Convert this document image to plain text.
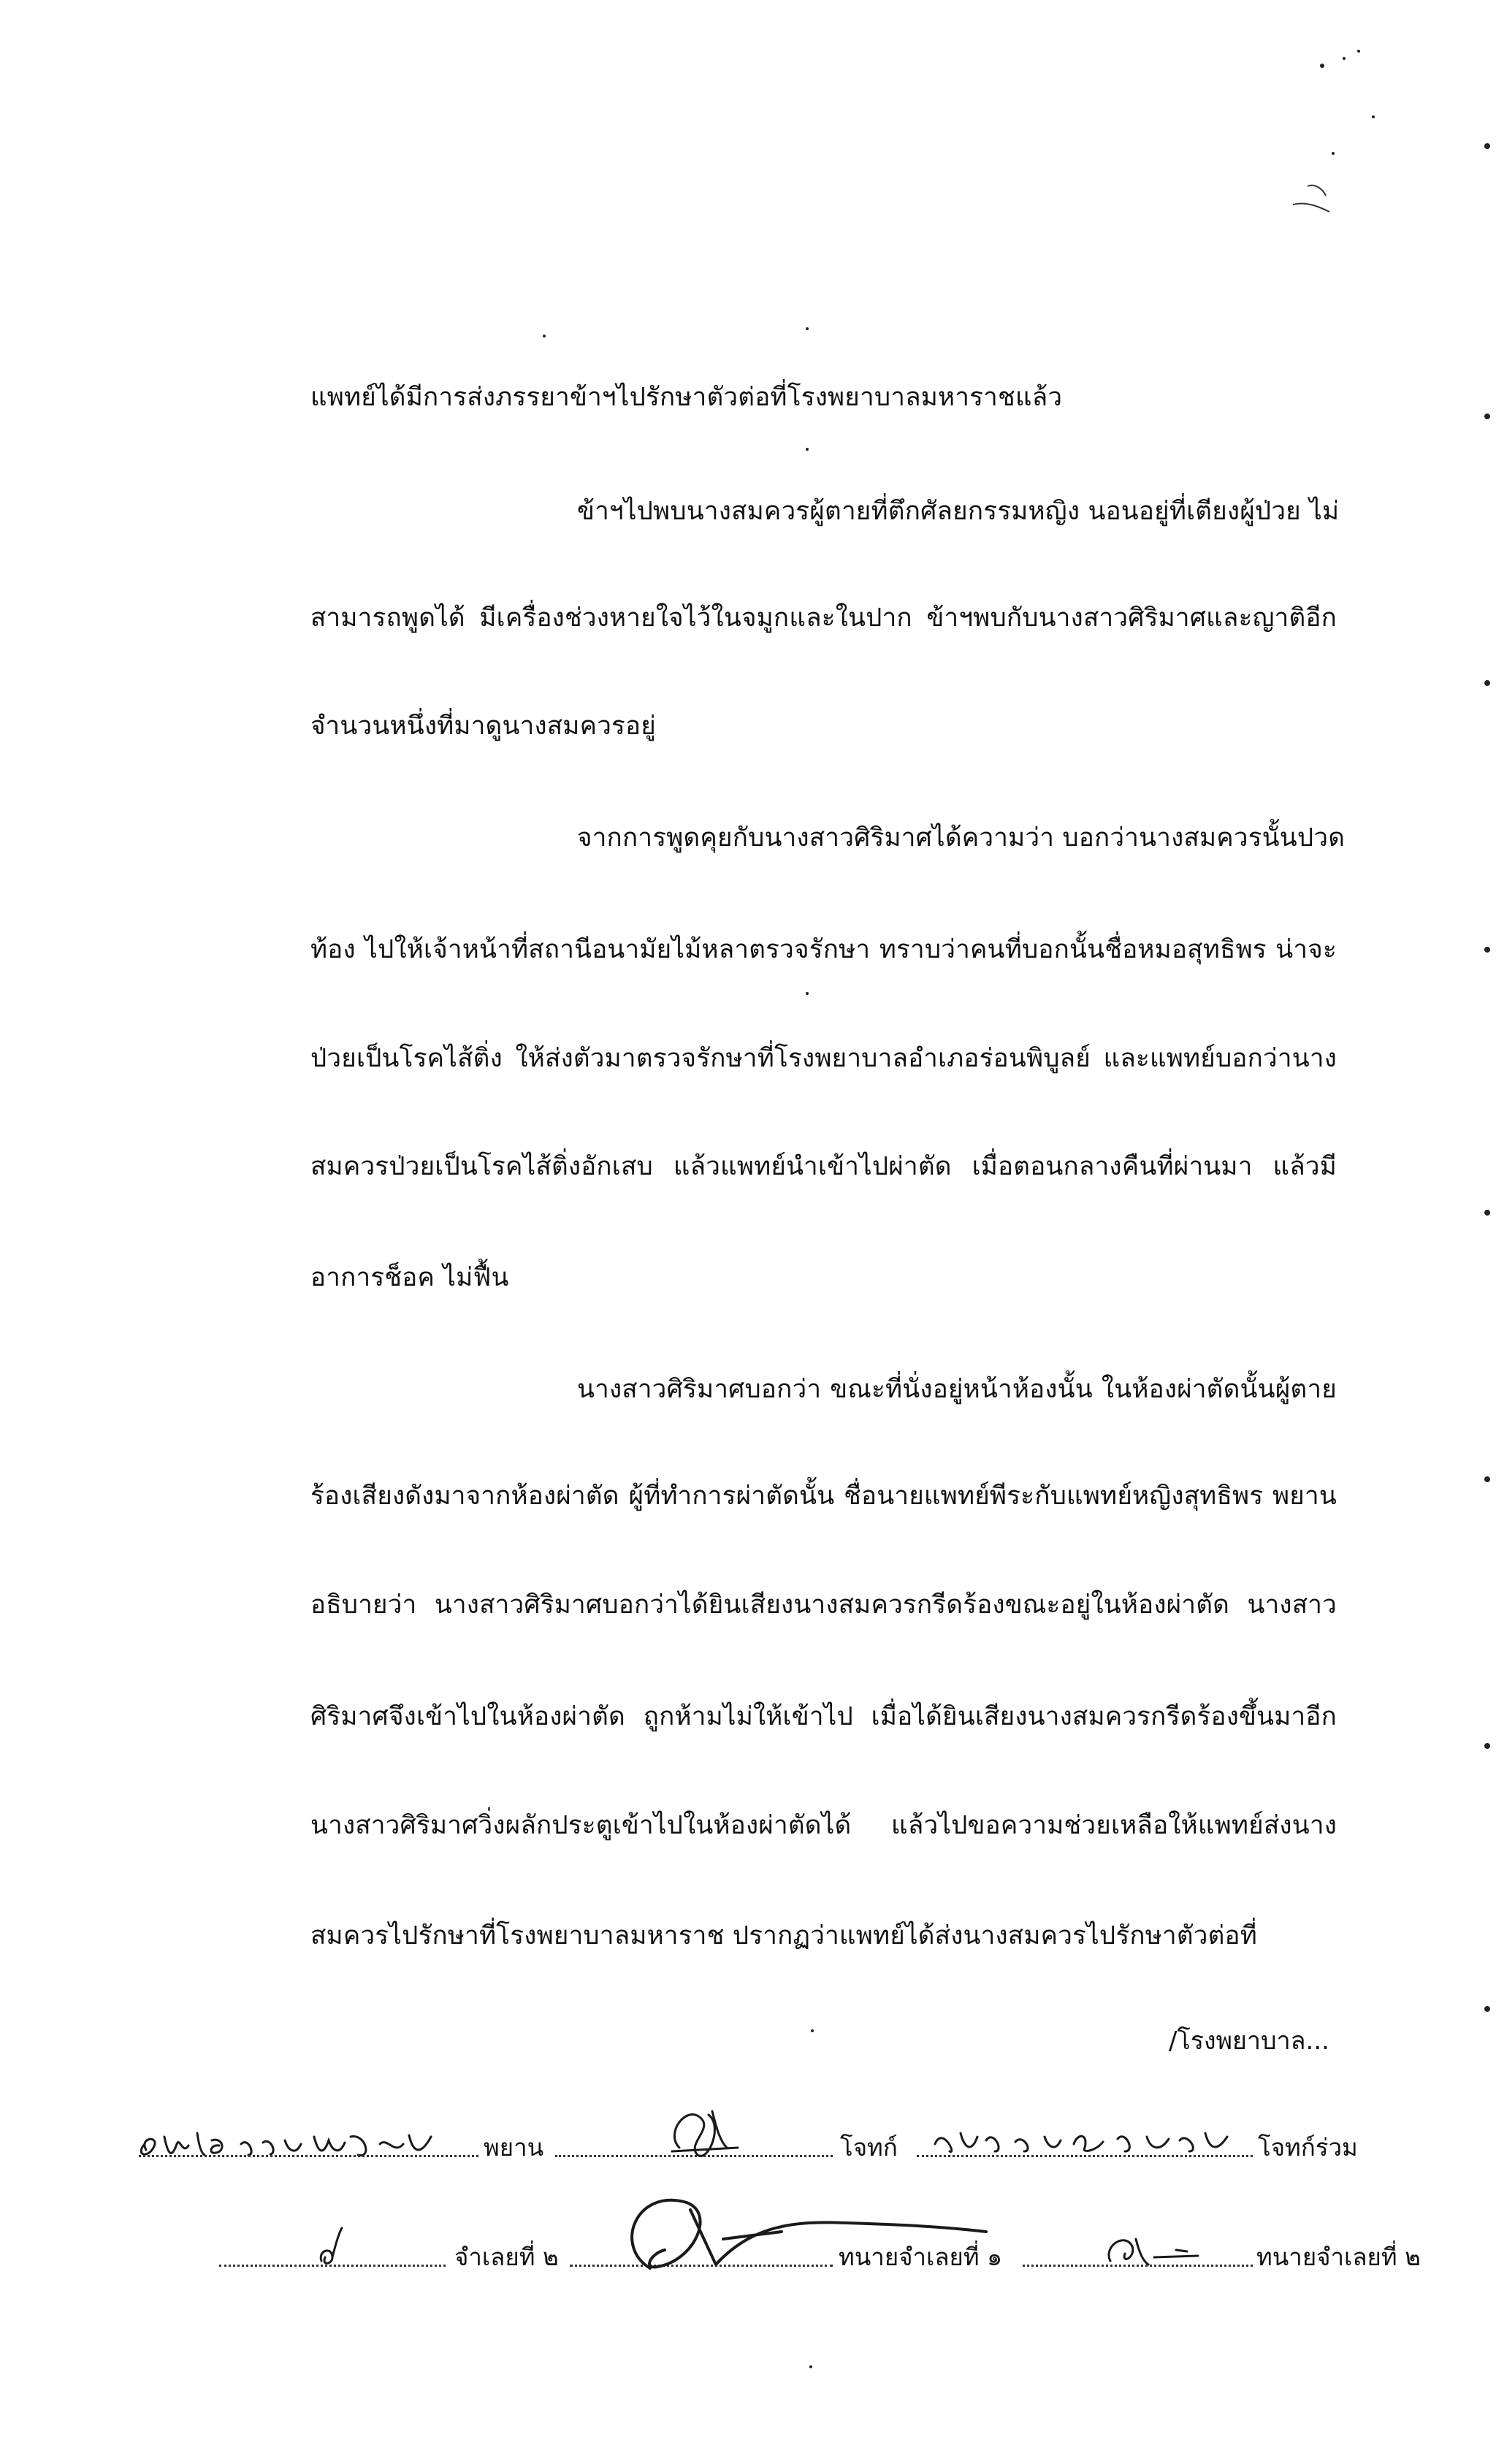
แพทย์ได้มีการส่งภรรยาข้าฯไปรักษาตัวต่อที่โรงพยาบาลมหาราชแล้ว
ข้าฯไปพบนางสมควรผู้ตายที่ตึกศัลยกรรมหญิง นอนอยู่ที่เตียงผู้ป่วย ไม่
สามารถพูดได้ มีเครื่องช่วงหายใจไว้ในจมูกและในปาก ข้าฯพบกับนางสาวศิริมาศและญาติอีก
จำนวนหนึ่งที่มาดูนางสมควรอยู่
จากการพูดคุยกับนางสาวศิริมาศได้ความว่า บอกว่านางสมควรนั้นปวด
ท้อง ไปให้เจ้าหน้าที่สถานีอนามัยไม้หลาตรวจรักษา ทราบว่าคนที่บอกนั้นชื่อหมอสุทธิพร น่าจะ
ป่วยเป็นโรคไส้ติ่ง ให้ส่งตัวมาตรวจรักษาที่โรงพยาบาลอำเภอร่อนพิบูลย์ และแพทย์บอกว่านาง
สมควรป่วยเป็นโรคไส้ติ่งอักเสบ แล้วแพทย์นำเข้าไปผ่าตัด เมื่อตอนกลางคืนที่ผ่านมา แล้วมี
อาการช็อค ไม่ฟื้น
นางสาวศิริมาศบอกว่า ขณะที่นั่งอยู่หน้าห้องนั้น ในห้องผ่าตัดนั้นผู้ตาย
ร้องเสียงดังมาจากห้องผ่าตัด ผู้ที่ทำการผ่าตัดนั้น ชื่อนายแพทย์พีระกับแพทย์หญิงสุทธิพร พยาน
อธิบายว่า นางสาวศิริมาศบอกว่าได้ยินเสียงนางสมควรกรีดร้องขณะอยู่ในห้องผ่าตัด นางสาว
ศิริมาศจึงเข้าไปในห้องผ่าตัด ถูกห้ามไม่ให้เข้าไป เมื่อได้ยินเสียงนางสมควรกรีดร้องขึ้นมาอีก
นางสาวศิริมาศวิ่งผลักประตูเข้าไปในห้องผ่าตัดได้ แล้วไปขอความช่วยเหลือให้แพทย์ส่งนาง
สมควรไปรักษาที่โรงพยาบาลมหาราช ปรากฏว่าแพทย์ได้ส่งนางสมควรไปรักษาตัวต่อที่
/โรงพยาบาล...
พยาน	โจทก์	โจทก์ร่วม
จำเลยที่ ๒	ทนายจำเลยที่ ๑	ทนายจำเลยที่ ๒
